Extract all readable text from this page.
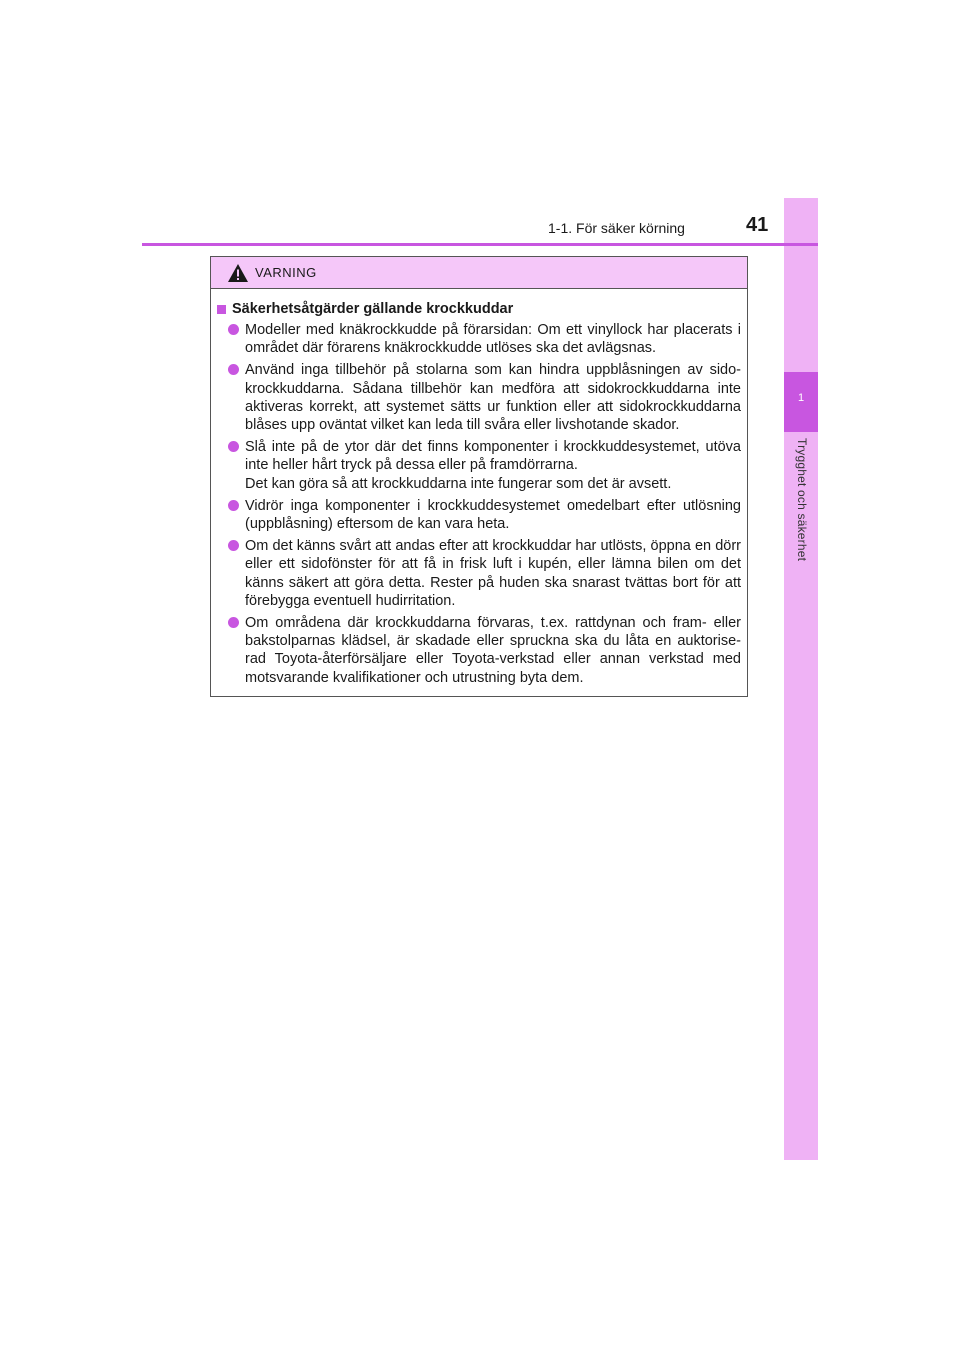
1
Trygghet och säkerhet
1-1. För säker körning	41
VARNING
Säkerhetsåtgärder gällande krockkuddar
Modeller med knäkrockkudde på förarsidan: Om ett vinyllock har placerats i området där förarens knäkrockkudde utlöses ska det avlägsnas.
Använd inga tillbehör på stolarna som kan hindra uppblåsningen av sido-krockkuddarna. Sådana tillbehör kan medföra att sidokrockkuddarna inte aktiveras korrekt, att systemet sätts ur funktion eller att sidokrockkuddarna blåses upp oväntat vilket kan leda till svåra eller livshotande skador.
Slå inte på de ytor där det finns komponenter i krockkuddesystemet, utöva inte heller hårt tryck på dessa eller på framdörrarna.
Det kan göra så att krockkuddarna inte fungerar som det är avsett.
Vidrör inga komponenter i krockkuddesystemet omedelbart efter utlösning (uppblåsning) eftersom de kan vara heta.
Om det känns svårt att andas efter att krockkuddar har utlösts, öppna en dörr eller ett sidofönster för att få in frisk luft i kupén, eller lämna bilen om det känns säkert att göra detta. Rester på huden ska snarast tvättas bort för att förebygga eventuell hudirritation.
Om områdena där krockkuddarna förvaras, t.ex. rattdynan och fram- eller bakstolparnas klädsel, är skadade eller spruckna ska du låta en auktorise-rad Toyota-återförsäljare eller Toyota-verkstad eller annan verkstad med motsvarande kvalifikationer och utrustning byta dem.
